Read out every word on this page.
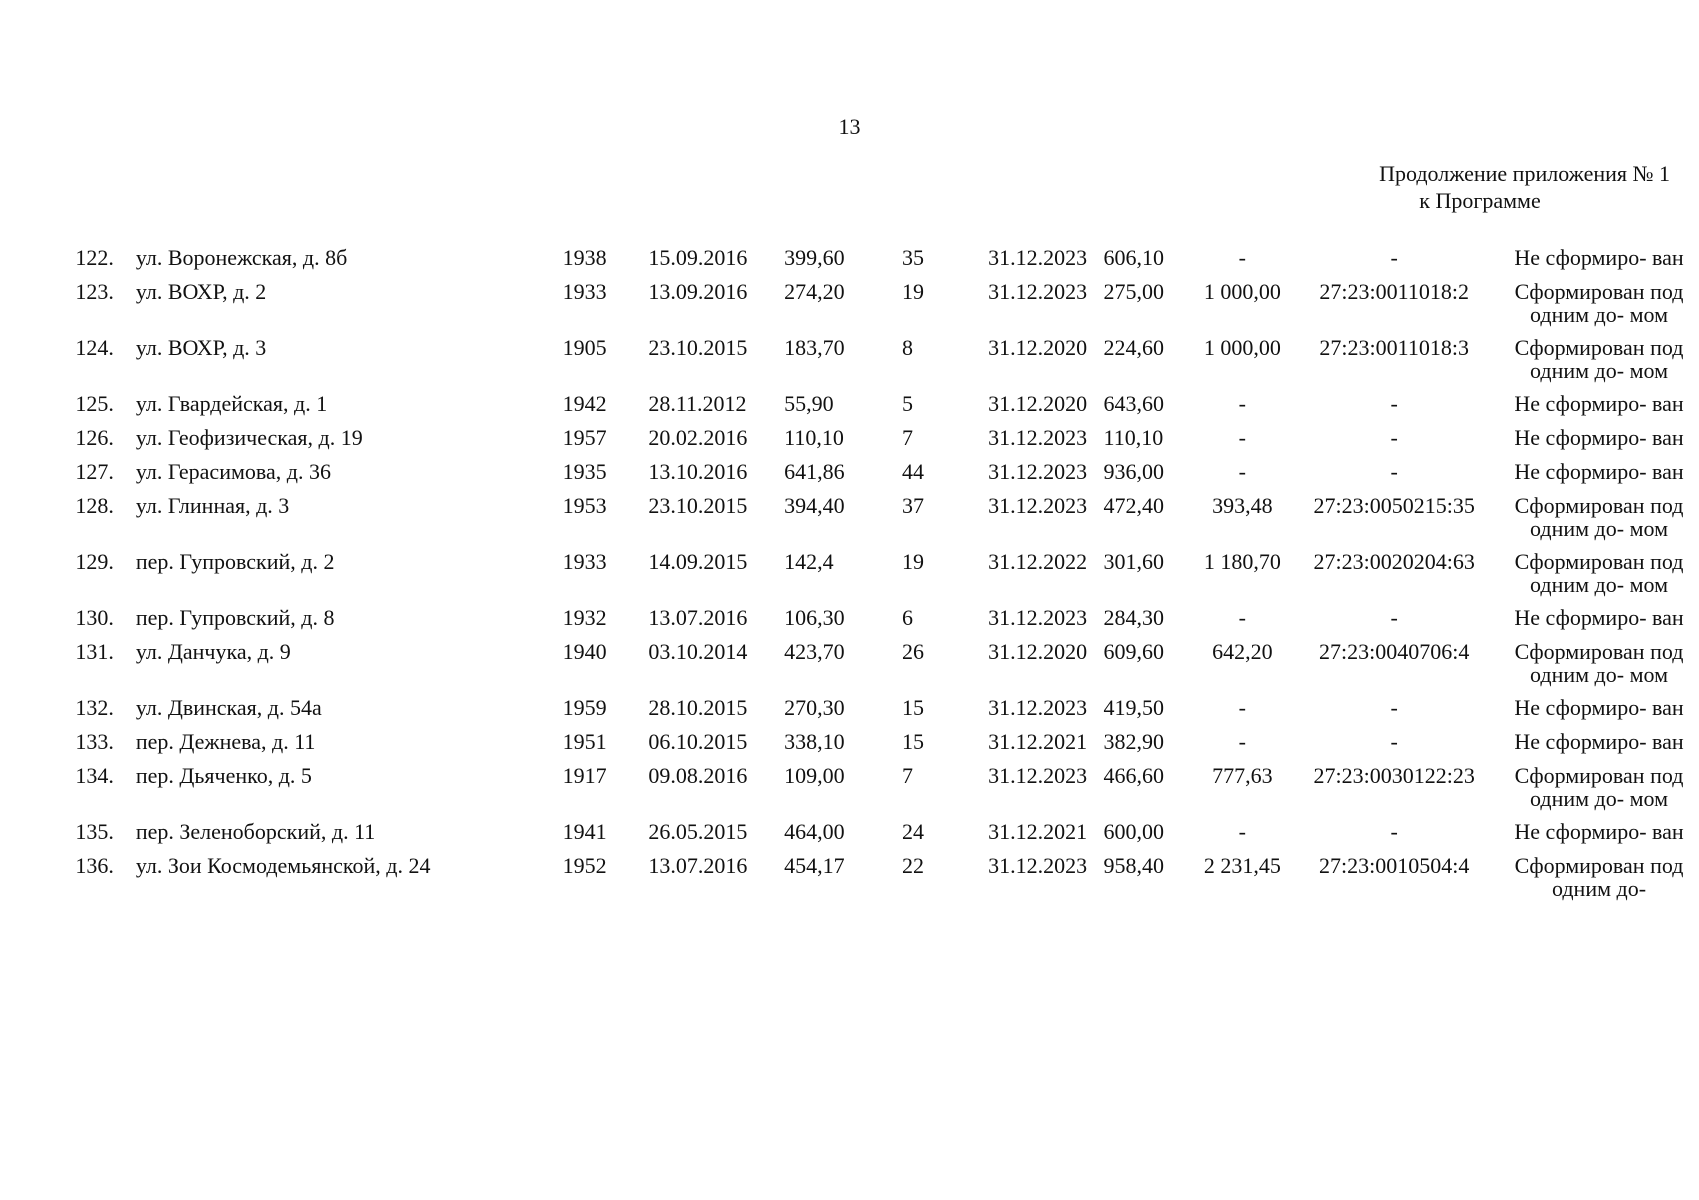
13
Продолжение приложения № 1
к Программе
122.	ул. Воронежская, д. 8б	1938	15.09.2016	399,60	35	31.12.2023	606,10	-	-	Не сформиро- ван
123.	ул. ВОХР, д. 2	1933	13.09.2016	274,20	19	31.12.2023	275,00	1 000,00	27:23:0011018:2	Сформирован под одним до- мом
124.	ул. ВОХР, д. 3	1905	23.10.2015	183,70	8	31.12.2020	224,60	1 000,00	27:23:0011018:3	Сформирован под одним до- мом
125.	ул. Гвардейская, д. 1	1942	28.11.2012	55,90	5	31.12.2020	643,60	-	-	Не сформиро- ван
126.	ул. Геофизическая, д. 19	1957	20.02.2016	110,10	7	31.12.2023	110,10	-	-	Не сформиро- ван
127.	ул. Герасимова, д. 36	1935	13.10.2016	641,86	44	31.12.2023	936,00	-	-	Не сформиро- ван
128.	ул. Глинная, д. 3	1953	23.10.2015	394,40	37	31.12.2023	472,40	393,48	27:23:0050215:35	Сформирован под одним до- мом
129.	пер. Гупровский, д. 2	1933	14.09.2015	142,4	19	31.12.2022	301,60	1 180,70	27:23:0020204:63	Сформирован под одним до- мом
130.	пер. Гупровский, д. 8	1932	13.07.2016	106,30	6	31.12.2023	284,30	-	-	Не сформиро- ван
131.	ул. Данчука, д. 9	1940	03.10.2014	423,70	26	31.12.2020	609,60	642,20	27:23:0040706:4	Сформирован под одним до- мом
132.	ул. Двинская, д. 54а	1959	28.10.2015	270,30	15	31.12.2023	419,50	-	-	Не сформиро- ван
133.	пер. Дежнева, д. 11	1951	06.10.2015	338,10	15	31.12.2021	382,90	-	-	Не сформиро- ван
134.	пер. Дьяченко, д. 5	1917	09.08.2016	109,00	7	31.12.2023	466,60	777,63	27:23:0030122:23	Сформирован под одним до- мом
135.	пер. Зеленоборский, д. 11	1941	26.05.2015	464,00	24	31.12.2021	600,00	-	-	Не сформиро- ван
136.	ул. Зои Космодемьянской, д. 24	1952	13.07.2016	454,17	22	31.12.2023	958,40	2 231,45	27:23:0010504:4	Сформирован под одним до-
